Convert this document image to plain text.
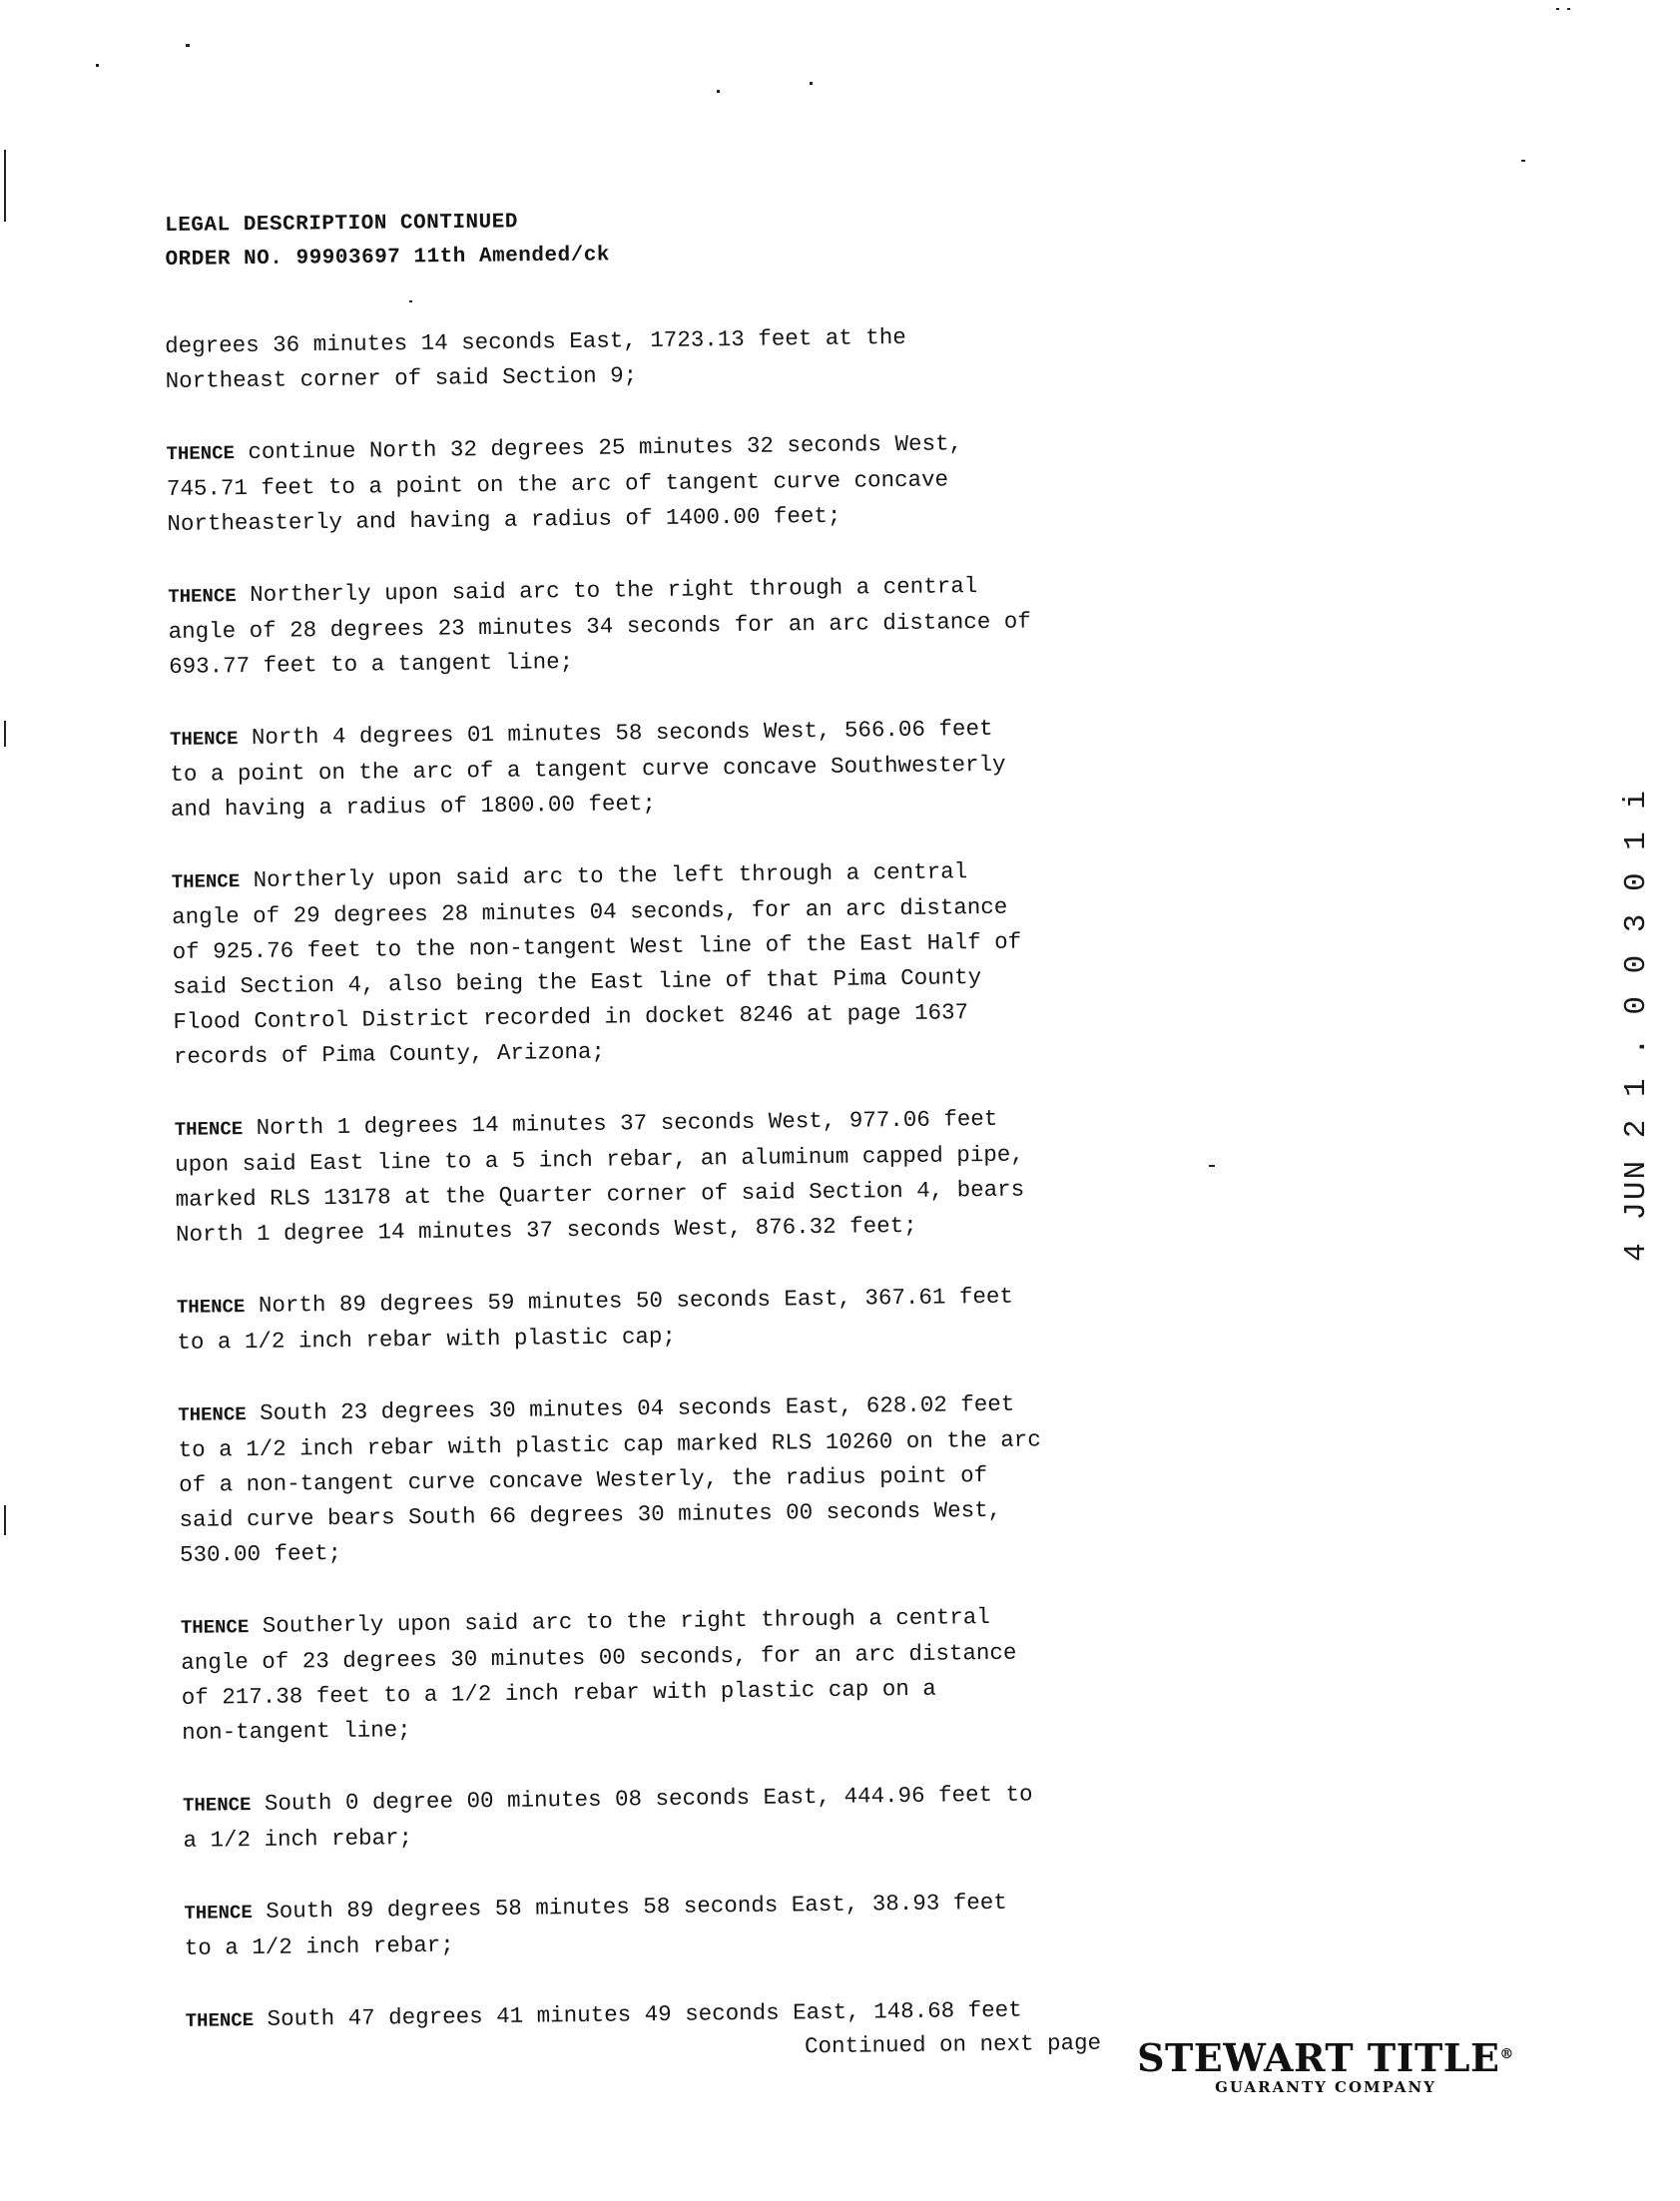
LEGAL DESCRIPTION CONTINUED
ORDER NO. 99903697 11th Amended/ck
degrees 36 minutes 14 seconds East, 1723.13 feet at the
Northeast corner of said Section 9;
THENCE continue North 32 degrees 25 minutes 32 seconds West,
745.71 feet to a point on the arc of tangent curve concave
Northeasterly and having a radius of 1400.00 feet;
THENCE Northerly upon said arc to the right through a central
angle of 28 degrees 23 minutes 34 seconds for an arc distance of
693.77 feet to a tangent line;
THENCE North 4 degrees 01 minutes 58 seconds West, 566.06 feet
to a point on the arc of a tangent curve concave Southwesterly
and having a radius of 1800.00 feet;
THENCE Northerly upon said arc to the left through a central
angle of 29 degrees 28 minutes 04 seconds, for an arc distance
of 925.76 feet to the non-tangent West line of the East Half of
said Section 4, also being the East line of that Pima County
Flood Control District recorded in docket 8246 at page 1637
records of Pima County, Arizona;
THENCE North 1 degrees 14 minutes 37 seconds West, 977.06 feet
upon said East line to a 5 inch rebar, an aluminum capped pipe,
marked RLS 13178 at the Quarter corner of said Section 4, bears
North 1 degree 14 minutes 37 seconds West, 876.32 feet;
THENCE North 89 degrees 59 minutes 50 seconds East, 367.61 feet
to a 1/2 inch rebar with plastic cap;
THENCE South 23 degrees 30 minutes 04 seconds East, 628.02 feet
to a 1/2 inch rebar with plastic cap marked RLS 10260 on the arc
of a non-tangent curve concave Westerly, the radius point of
said curve bears South 66 degrees 30 minutes 00 seconds West,
530.00 feet;
THENCE Southerly upon said arc to the right through a central
angle of 23 degrees 30 minutes 00 seconds, for an arc distance
of 217.38 feet to a 1/2 inch rebar with plastic cap on a
non-tangent line;
THENCE South 0 degree 00 minutes 08 seconds East, 444.96 feet to
a 1/2 inch rebar;
THENCE South 89 degrees 58 minutes 58 seconds East, 38.93 feet
to a 1/2 inch rebar;
THENCE South 47 degrees 41 minutes 49 seconds East, 148.68 feet
Continued on next page
4 JUN 2 1 . 0 0 3 0 1 i
STEWART TITLE®
GUARANTY COMPANY
